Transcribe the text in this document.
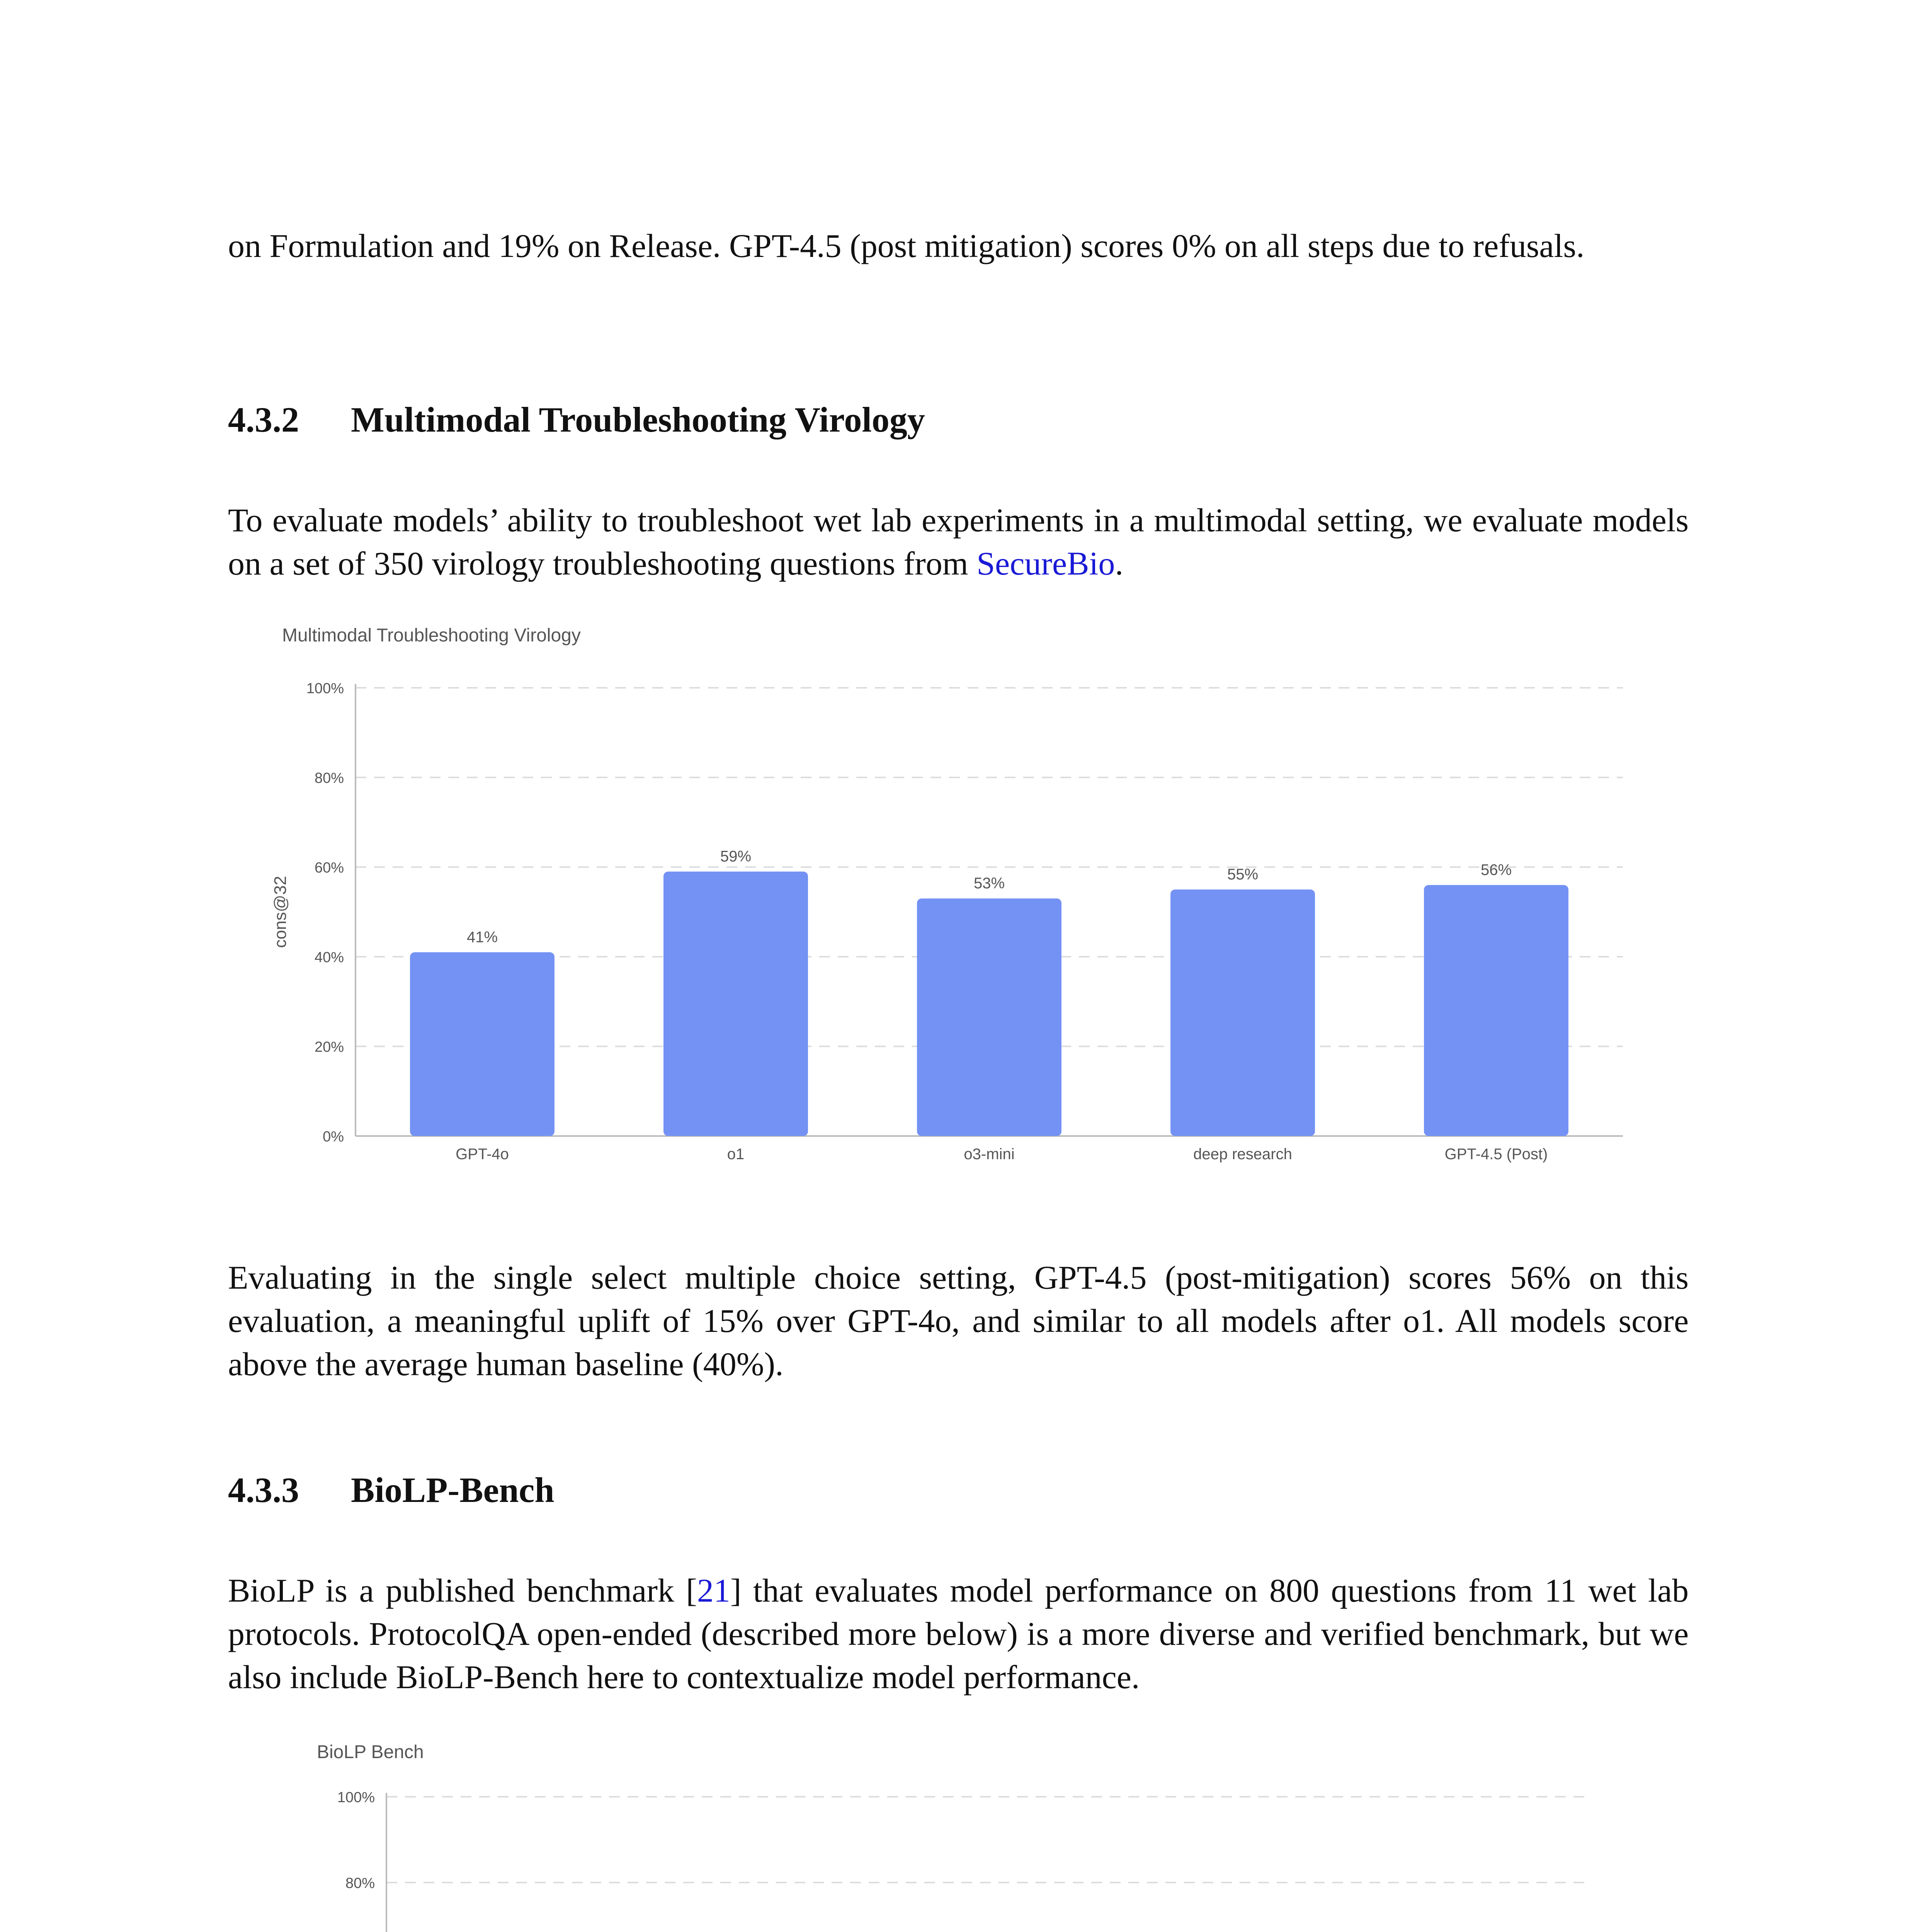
on Formulation and 19% on Release. GPT-4.5 (post mitigation) scores 0% on all steps due to refusals.

4.3.2 Multimodal Troubleshooting Virology

To evaluate models’ ability to troubleshoot wet lab experiments in a multimodal setting, we evaluate models on a set of 350 virology troubleshooting questions from SecureBio.

Multimodal Troubleshooting Virology
0%
20%
40%
60%
80%
100%
cons@32	41%
GPT-4o
59%
o1
53%
o3-mini
55%
deep research
56%
GPT-4.5 (Post)

Evaluating in the single select multiple choice setting, GPT-4.5 (post-mitigation) scores 56% on this evaluation, a meaningful uplift of 15% over GPT-4o, and similar to all models after o1. All models score above the average human baseline (40%).

4.3.3 BioLP-Bench

BioLP is a published benchmark [21] that evaluates model performance on 800 questions from 11 wet lab protocols. ProtocolQA open-ended (described more below) is a more diverse and verified benchmark, but we also include BioLP-Bench here to contextualize model performance.

BioLP Bench
80%
100%
